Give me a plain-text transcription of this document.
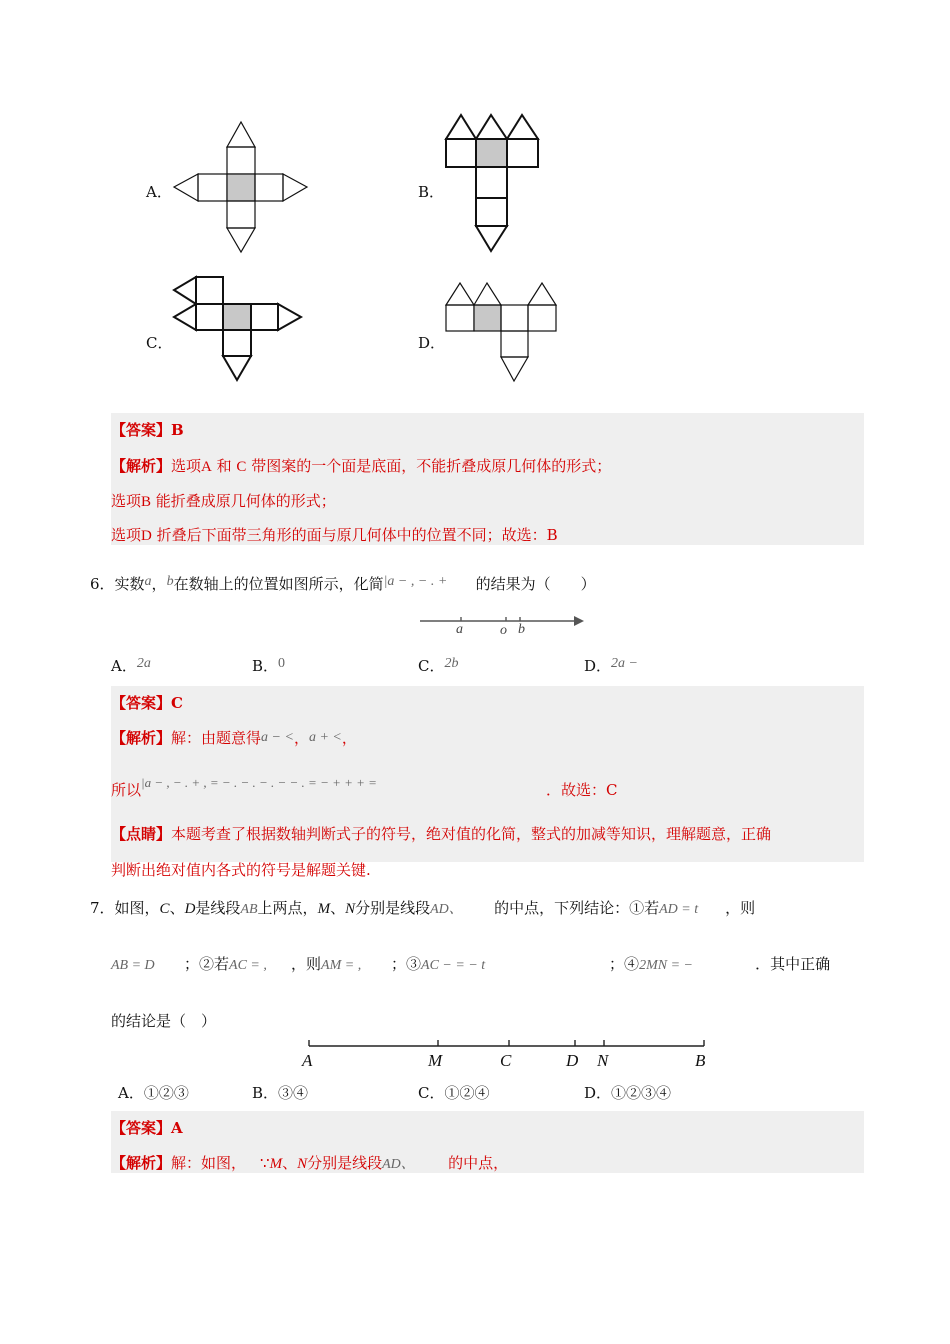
A．	B．
C．	D．
【答案】B
【解析】选项A 和 C 带图案的一个面是底面，不能折叠成原几何体的形式；
选项B 能折叠成原几何体的形式；
选项D 折叠后下面带三角形的面与原几何体中的位置不同；故选：B
6．实数a，b在数轴上的位置如图所示，化简|a − , − . + 的结果为（　　）
a	o b
A．2a	B．0	C．2b	D．2a −
【答案】C
【解析】解：由题意得a − <，a + <，
所以|a − , − . + , = − . − . − . − − . = − + + + =	．故选：C
【点睛】本题考查了根据数轴判断式子的符号，绝对值的化简，整式的加减等知识，理解题意，正确
判断出绝对值内各式的符号是解题关键.
7．如图，C、D是线段AB上两点，M、N分别是线段AD、 的中点，下列结论：①若AD = t ，则
AB = D ；②若AC = , ，则AM = , ；③AC − = − t	；④2MN = −	．其中正确
的结论是（　）
A	M	C	D N	B
A．①②③	B．③④	C．①②④	D．①②③④
【答案】A
【解析】解：如图， ∵M、N分别是线段AD、 的中点，
